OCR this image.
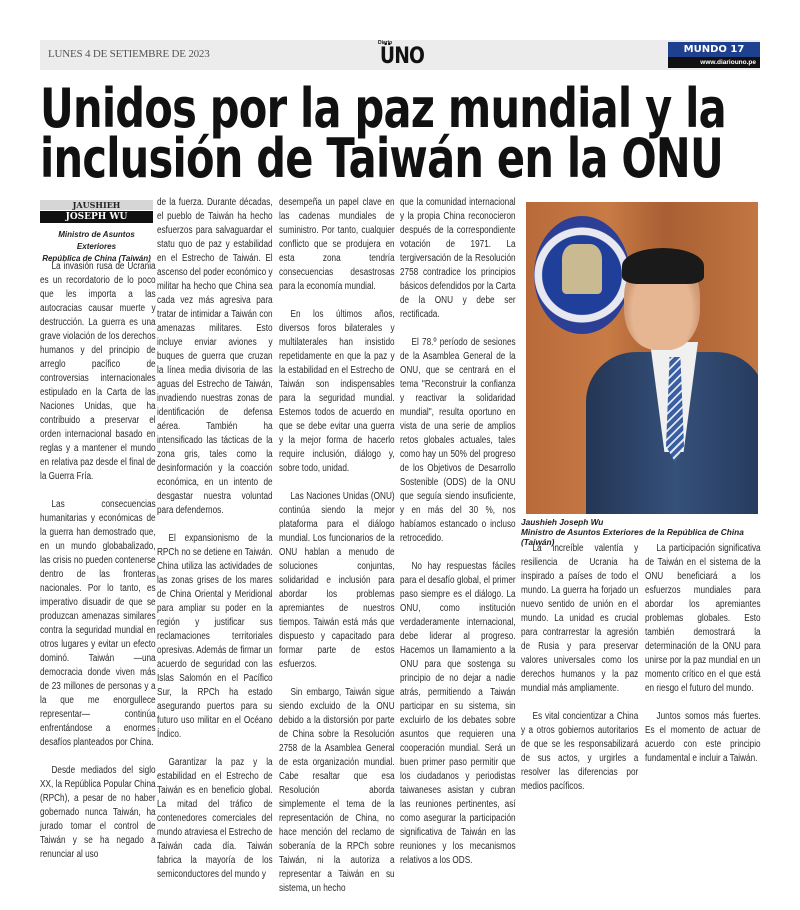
LUNES 4 DE SETIEMBRE DE 2023
Diario
ÜNO	MUNDO 17
www.diariouno.pe
Unidos por la paz mundial y la
inclusión de Taiwán en la ONU
JAUSHIEH
JOSEPH WU
Ministro de Asuntos Exteriores
República de China (Taiwán)

La invasión rusa de Ucrania es un recordatorio de lo poco que les importa a las autocracias causar muerte y destrucción. La guerra es una grave violación de los derechos humanos y del principio de arreglo pacífico de controversias internacionales estipulado en la Carta de las Naciones Unidas, que ha contribuido a preservar el orden internacional basado en reglas y a mantener el mundo en relativa paz desde el final de la Guerra Fría.

Las consecuencias humanitarias y económicas de la guerra han demostrado que, en un mundo globabalizado, las crisis no pueden contenerse dentro de las fronteras nacionales. Por lo tanto, es imperativo disuadir de que se produzcan amenazas similares contra la seguridad mundial en otros lugares y evitar un efecto dominó. Taiwán —una democracia donde viven más de 23 millones de personas y a la que me enorgullece representar— continúa enfrentándose a enormes desafíos planteados por China.

Desde mediados del siglo XX, la República Popular China (RPCh), a pesar de no haber gobernado nunca Taiwán, ha jurado tomar el control de Taiwán y se ha negado a renunciar al uso

de la fuerza. Durante décadas, el pueblo de Taiwán ha hecho esfuerzos para salvaguardar el statu quo de paz y estabilidad en el Estrecho de Taiwán. El ascenso del poder económico y militar ha hecho que China sea cada vez más agresiva para tratar de intimidar a Taiwán con amenazas militares. Esto incluye enviar aviones y buques de guerra que cruzan la línea media divisoria de las aguas del Estrecho de Taiwán, invadiendo nuestras zonas de identificación de defensa aérea. También ha intensificado las tácticas de la zona gris, tales como la desinformación y la coacción económica, en un intento de desgastar nuestra voluntad para defendernos.

El expansionismo de la RPCh no se detiene en Taiwán. China utiliza las actividades de las zonas grises de los mares de China Oriental y Meridional para ampliar su poder en la región y justificar sus reclamaciones territoriales opresivas. Además de firmar un acuerdo de seguridad con las Islas Salomón en el Pacífico Sur, la RPCh ha estado asegurando puertos para su futuro uso militar en el Océano Índico.

Garantizar la paz y la estabilidad en el Estrecho de Taiwán es en beneficio global. La mitad del tráfico de contenedores comerciales del mundo atraviesa el Estrecho de Taiwán cada día. Taiwán fabrica la mayoría de los semiconductores del mundo y

desempeña un papel clave en las cadenas mundiales de suministro. Por tanto, cualquier conflicto que se produjera en esta zona tendría consecuencias desastrosas para la economía mundial.

En los últimos años, diversos foros bilaterales y multilaterales han insistido repetidamente en que la paz y la estabilidad en el Estrecho de Taiwán son indispensables para la seguridad mundial. Estemos todos de acuerdo en que se debe evitar una guerra y la mejor forma de hacerlo require inclusión, diálogo y, sobre todo, unidad.

Las Naciones Unidas (ONU) continúa siendo la mejor plataforma para el diálogo mundial. Los funcionarios de la ONU hablan a menudo de soluciones conjuntas, solidaridad e inclusión para abordar los problemas apremiantes de nuestros tiempos. Taiwán está más que dispuesto y capacitado para formar parte de estos esfuerzos.

Sin embargo, Taiwán sigue siendo excluido de la ONU debido a la distorsión por parte de China sobre la Resolución 2758 de la Asamblea General de esta organización mundial. Cabe resaltar que esa Resolución aborda simplemente el tema de la representación de China, no hace mención del reclamo de soberanía de la RPCh sobre Taiwán, ni la autoriza a representar a Taiwán en su sistema, un hecho

que la comunidad internacional y la propia China reconocieron después de la correspondiente votación de 1971. La tergiversación de la Resolución 2758 contradice los principios básicos defendidos por la Carta de la ONU y debe ser rectificada.

El 78.º período de sesiones de la Asamblea General de la ONU, que se centrará en el tema "Reconstruir la confianza y reactivar la solidaridad mundial", resulta oportuno en vista de una serie de amplios retos globales actuales, tales como hay un 50% del progreso de los Objetivos de Desarrollo Sostenible (ODS) de la ONU que seguía siendo insuficiente, y en más del 30 %, nos habíamos estancado o incluso retrocedido.

No hay respuestas fáciles para el desafío global, el primer paso siempre es el diálogo. La ONU, como institución verdaderamente internacional, debe liderar al progreso. Hacemos un llamamiento a la ONU para que sostenga su principio de no dejar a nadie atrás, permitiendo a Taiwán participar en su sistema, sin excluirlo de los debates sobre asuntos que requieren una cooperación mundial. Será un buen primer paso permitir que los ciudadanos y periodistas taiwaneses asistan y cubran las reuniones pertinentes, así como asegurar la participación significativa de Taiwán en las reuniones y los mecanismos relativos a los ODS.

La increíble valentía y resiliencia de Ucrania ha inspirado a países de todo el mundo. La guerra ha forjado un nuevo sentido de unión en el mundo. La unidad es crucial para contrarrestar la agresión de Rusia y para preservar valores universales como los derechos humanos y la paz mundial más ampliamente.

Es vital concientizar a China y a otros gobiernos autoritarios de que se les responsabilizará de sus actos, y urgirles a resolver las diferencias por medios pacíficos.

La participación significativa de Taiwán en el sistema de la ONU beneficiará a los esfuerzos mundiales para abordar los apremiantes problemas globales. Esto también demostrará la determinación de la ONU para unirse por la paz mundial en un momento crítico en el que está en riesgo el futuro del mundo.

Juntos somos más fuertes. Es el momento de actuar de acuerdo con este principio fundamental e incluir a Taiwán.

Jaushieh Joseph Wu
Ministro de Asuntos Exteriores de la República de China (Taiwán)
